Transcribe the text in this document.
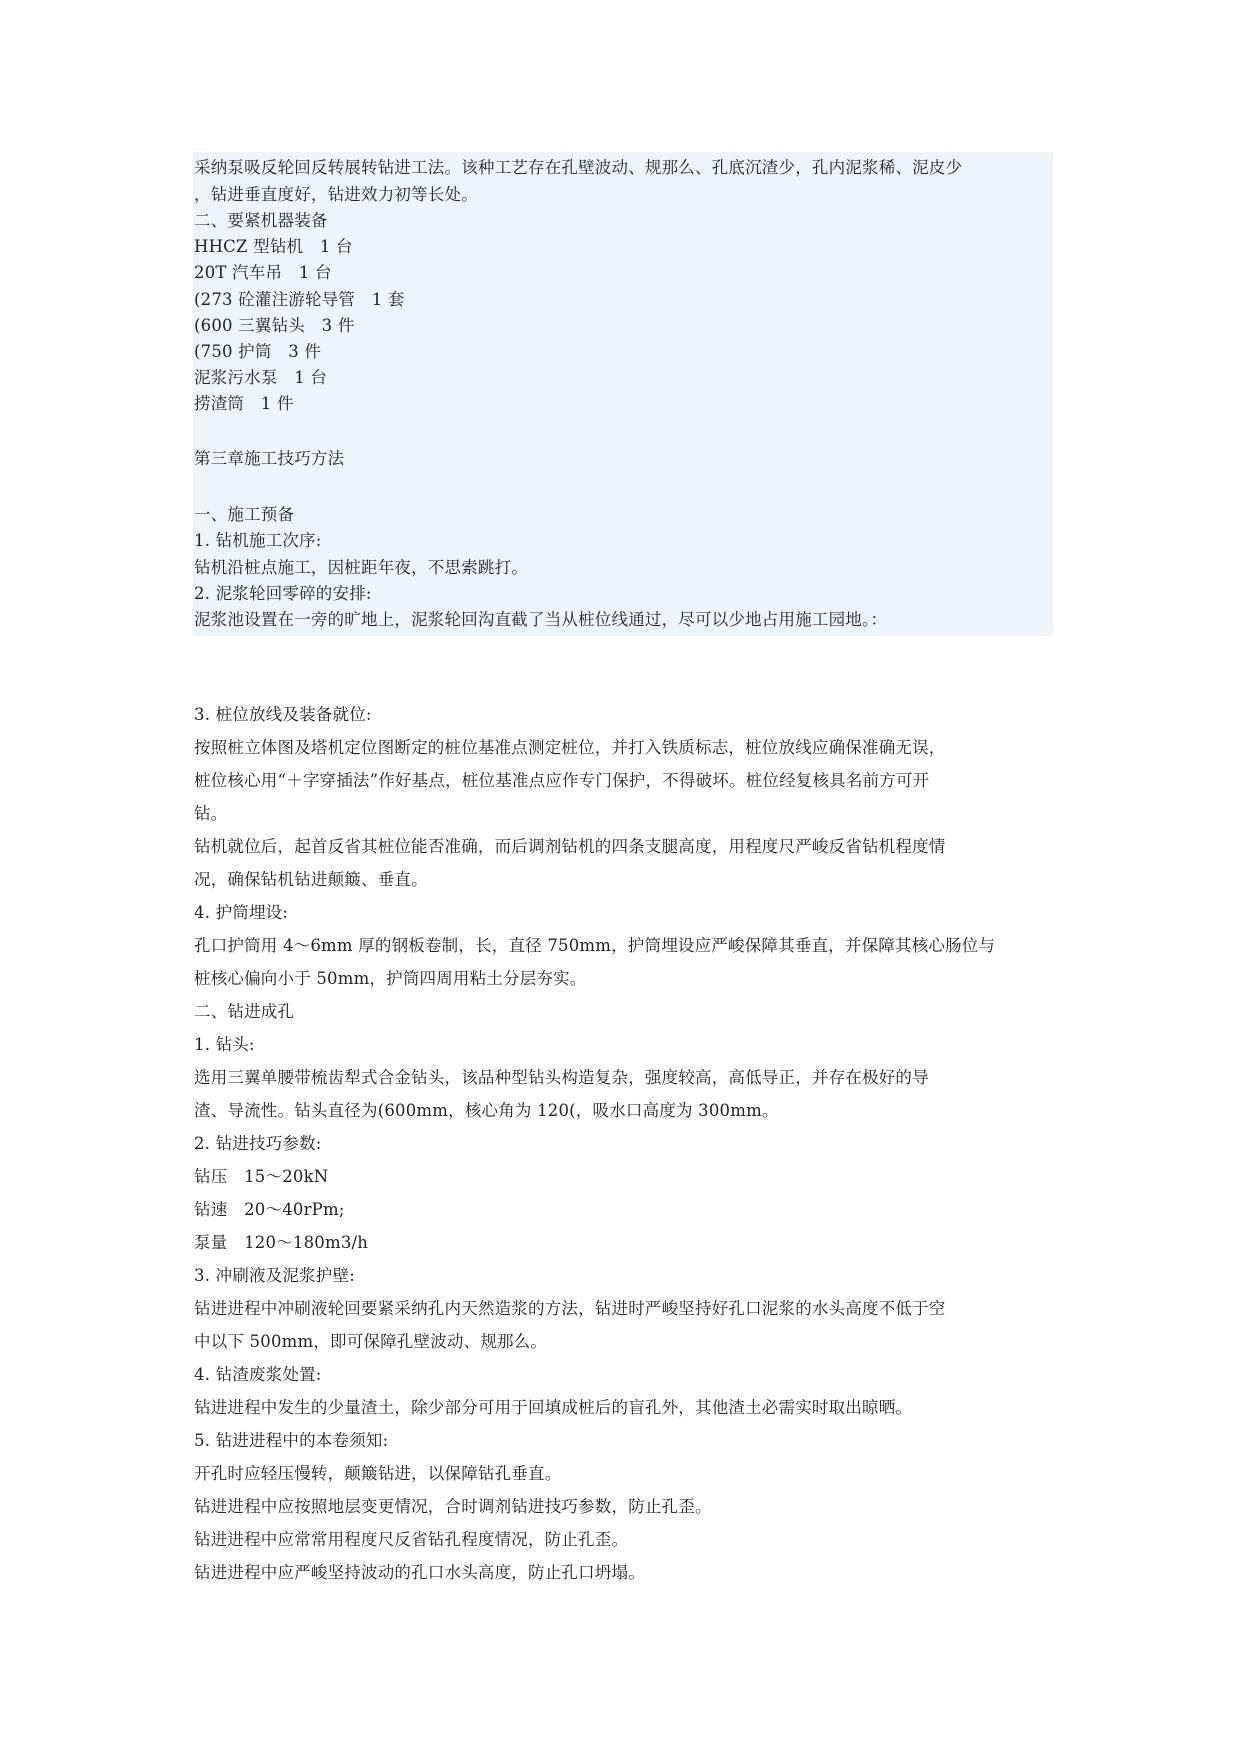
采纳泵吸反轮回反转展转钻进工法。该种工艺存在孔壁波动、规那么、孔底沉渣少，孔内泥浆稀、泥皮少
，钻进垂直度好，钻进效力初等长处。
二、要紧机器装备
HHCZ 型钻机　1 台
20T 汽车吊　1 台
(273 砼灌注游轮导管　1 套
(600 三翼钻头　3 件
(750 护筒　3 件
泥浆污水泵　1 台
捞渣筒　1 件
第三章施工技巧方法
一、施工预备
1. 钻机施工次序:
钻机沿桩点施工，因桩距年夜，不思索跳打。
2. 泥浆轮回零碎的安排:
泥浆池设置在一旁的旷地上，泥浆轮回沟直截了当从桩位线通过，尽可以少地占用施工园地。：
3. 桩位放线及装备就位:
按照桩立体图及塔机定位图断定的桩位基准点测定桩位，并打入铁质标志，桩位放线应确保准确无误，
桩位核心用“＋字穿插法”作好基点，桩位基准点应作专门保护，不得破坏。桩位经复核具名前方可开
钻。
钻机就位后，起首反省其桩位能否准确，而后调剂钻机的四条支腿高度，用程度尺严峻反省钻机程度情
况，确保钻机钻进颠簸、垂直。
4. 护筒埋设:
孔口护筒用 4～6mm 厚的钢板卷制，长，直径 750mm，护筒埋设应严峻保障其垂直，并保障其核心肠位与
桩核心偏向小于 50mm，护筒四周用粘土分层夯实。
二、钻进成孔
1. 钻头:
选用三翼单腰带梳齿犁式合金钻头，该品种型钻头构造复杂，强度较高，高低导正，并存在极好的导
渣、导流性。钻头直径为(600mm，核心角为 120(，吸水口高度为 300mm。
2. 钻进技巧参数:
钻压　15～20kN
钻速　20～40rPm;
泵量　120～180m3/h
3. 冲刷液及泥浆护壁:
钻进进程中冲刷液轮回要紧采纳孔内天然造浆的方法，钻进时严峻坚持好孔口泥浆的水头高度不低于空
中以下 500mm，即可保障孔壁波动、规那么。
4. 钻渣废浆处置:
钻进进程中发生的少量渣土，除少部分可用于回填成桩后的盲孔外，其他渣土必需实时取出晾晒。
5. 钻进进程中的本卷须知:
开孔时应轻压慢转，颠簸钻进，以保障钻孔垂直。
钻进进程中应按照地层变更情况，合时调剂钻进技巧参数，防止孔歪。
钻进进程中应常常用程度尺反省钻孔程度情况，防止孔歪。
钻进进程中应严峻坚持波动的孔口水头高度，防止孔口坍塌。
